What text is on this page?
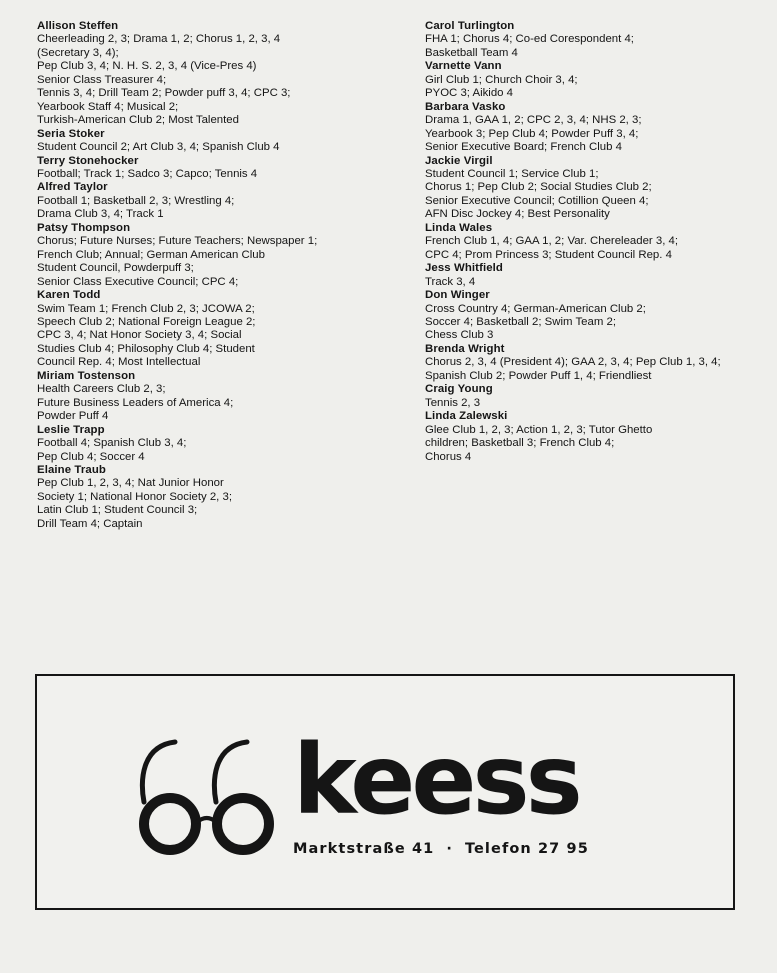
Allison Steffen
Cheerleading 2, 3; Drama 1, 2; Chorus 1, 2, 3, 4
(Secretary 3, 4);
Pep Club 3, 4; N. H. S. 2, 3, 4 (Vice-Pres 4)
Senior Class Treasurer 4;
Tennis 3, 4; Drill Team 2; Powder puff 3, 4; CPC 3;
Yearbook Staff 4; Musical 2;
Turkish-American Club 2; Most Talented
Seria Stoker
Student Council 2; Art Club 3, 4; Spanish Club 4
Terry Stonehocker
Football; Track 1; Sadco 3; Capco; Tennis 4
Alfred Taylor
Football 1; Basketball 2, 3; Wrestling 4;
Drama Club 3, 4; Track 1
Patsy Thompson
Chorus; Future Nurses; Future Teachers; Newspaper 1;
French Club; Annual; German American Club
Student Council, Powderpuff 3;
Senior Class Executive Council; CPC 4;
Karen Todd
Swim Team 1; French Club 2, 3; JCOWA 2;
Speech Club 2; National Foreign League 2;
CPC 3, 4; Nat Honor Society 3, 4; Social
Studies Club 4; Philosophy Club 4; Student
Council Rep. 4; Most Intellectual
Miriam Tostenson
Health Careers Club 2, 3;
Future Business Leaders of America 4;
Powder Puff 4
Leslie Trapp
Football 4; Spanish Club 3, 4;
Pep Club 4; Soccer 4
Elaine Traub
Pep Club 1, 2, 3, 4; Nat Junior Honor
Society 1; National Honor Society 2, 3;
Latin Club 1; Student Council 3;
Drill Team 4; Captain
Carol Turlington
FHA 1; Chorus 4; Co-ed Corespondent 4;
Basketball Team 4
Varnette Vann
Girl Club 1; Church Choir 3, 4;
PYOC 3; Aikido 4
Barbara Vasko
Drama 1, GAA 1, 2; CPC 2, 3, 4; NHS 2, 3;
Yearbook 3; Pep Club 4; Powder Puff 3, 4;
Senior Executive Board; French Club 4
Jackie Virgil
Student Council 1; Service Club 1;
Chorus 1; Pep Club 2; Social Studies Club 2;
Senior Executive Council; Cotillion Queen 4;
AFN Disc Jockey 4; Best Personality
Linda Wales
French Club 1, 4; GAA 1, 2; Var. Chereleader 3, 4;
CPC 4; Prom Princess 3; Student Council Rep. 4
Jess Whitfield
Track 3, 4
Don Winger
Cross Country 4; German-American Club 2;
Soccer 4; Basketball 2; Swim Team 2;
Chess Club 3
Brenda Wright
Chorus 2, 3, 4 (President 4); GAA 2, 3, 4; Pep Club 1, 3, 4;
Spanish Club 2; Powder Puff 1, 4; Friendliest
Craig Young
Tennis 2, 3
Linda Zalewski
Glee Club 1, 2, 3; Action 1, 2, 3; Tutor Ghetto
children; Basketball 3; French Club 4;
Chorus 4
keess
Marktstraße 41 · Telefon 27 95
